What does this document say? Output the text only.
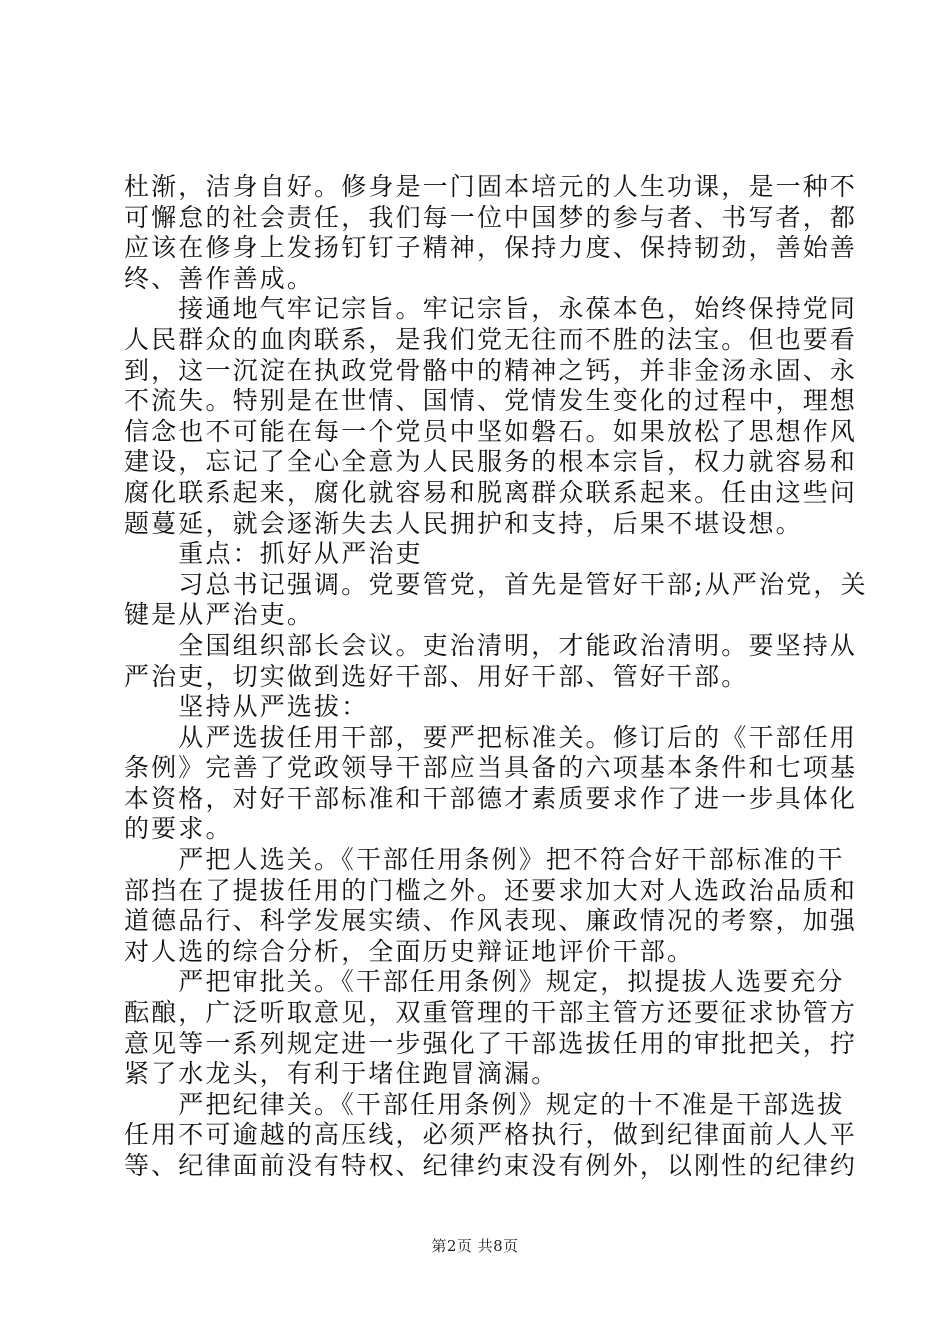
杜渐，洁身自好。修身是一门固本培元的人生功课，是一种不
可懈怠的社会责任，我们每一位中国梦的参与者、书写者，都
应该在修身上发扬钉钉子精神，保持力度、保持韧劲，善始善
终、善作善成。
　　接通地气牢记宗旨。牢记宗旨，永葆本色，始终保持党同
人民群众的血肉联系，是我们党无往而不胜的法宝。但也要看
到，这一沉淀在执政党骨骼中的精神之钙，并非金汤永固、永
不流失。特别是在世情、国情、党情发生变化的过程中，理想
信念也不可能在每一个党员中坚如磐石。如果放松了思想作风
建设，忘记了全心全意为人民服务的根本宗旨，权力就容易和
腐化联系起来，腐化就容易和脱离群众联系起来。任由这些问
题蔓延，就会逐渐失去人民拥护和支持，后果不堪设想。
　　重点：抓好从严治吏
　　习总书记强调。党要管党，首先是管好干部;从严治党，关
键是从严治吏。
　　全国组织部长会议。吏治清明，才能政治清明。要坚持从
严治吏，切实做到选好干部、用好干部、管好干部。
　　坚持从严选拔：
　　从严选拔任用干部，要严把标准关。修订后的《干部任用
条例》完善了党政领导干部应当具备的六项基本条件和七项基
本资格，对好干部标准和干部德才素质要求作了进一步具体化
的要求。
　　严把人选关。《干部任用条例》把不符合好干部标准的干
部挡在了提拔任用的门槛之外。还要求加大对人选政治品质和
道德品行、科学发展实绩、作风表现、廉政情况的考察，加强
对人选的综合分析，全面历史辩证地评价干部。
　　严把审批关。《干部任用条例》规定，拟提拔人选要充分
酝酿，广泛听取意见，双重管理的干部主管方还要征求协管方
意见等一系列规定进一步强化了干部选拔任用的审批把关，拧
紧了水龙头，有利于堵住跑冒滴漏。
　　严把纪律关。《干部任用条例》规定的十不准是干部选拔
任用不可逾越的高压线，必须严格执行，做到纪律面前人人平
等、纪律面前没有特权、纪律约束没有例外，以刚性的纪律约
第2页 共8页
